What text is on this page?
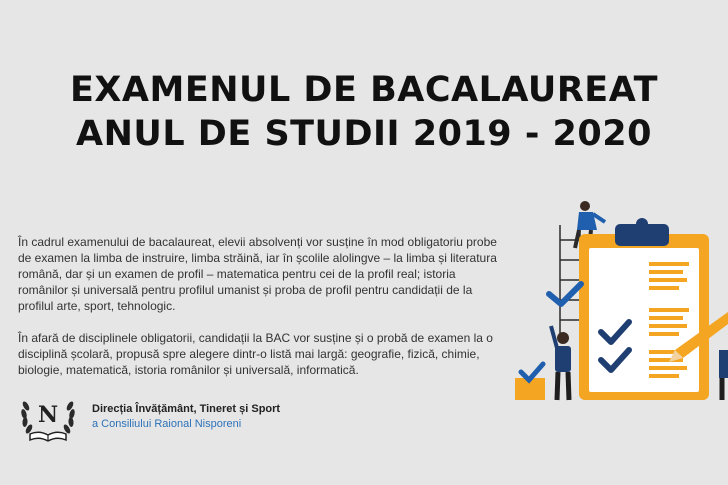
EXAMENUL DE BACALAUREAT
ANUL DE STUDII 2019 - 2020

În cadrul examenului de bacalaureat, elevii absolvenți vor susține în mod obligatoriu probe de examen la limba de instruire, limba străină, iar în școlile alolingve – la limba și literatura română, dar și un examen de profil – matematica pentru cei de la profil real; istoria românilor și universală pentru profilul umanist și proba de profil pentru candidații de la profilul arte, sport, tehnologic.

În afară de disciplinele obligatorii, candidații la BAC vor susține și o probă de examen la o disciplină școlară, propusă spre alegere dintr-o listă mai largă: geografie, fizică, chimie, biologie, matematică, istoria românilor și universală, informatică.

N	Direcția Învățământ, Tineret și Sport
a Consiliului Raional Nisporeni
